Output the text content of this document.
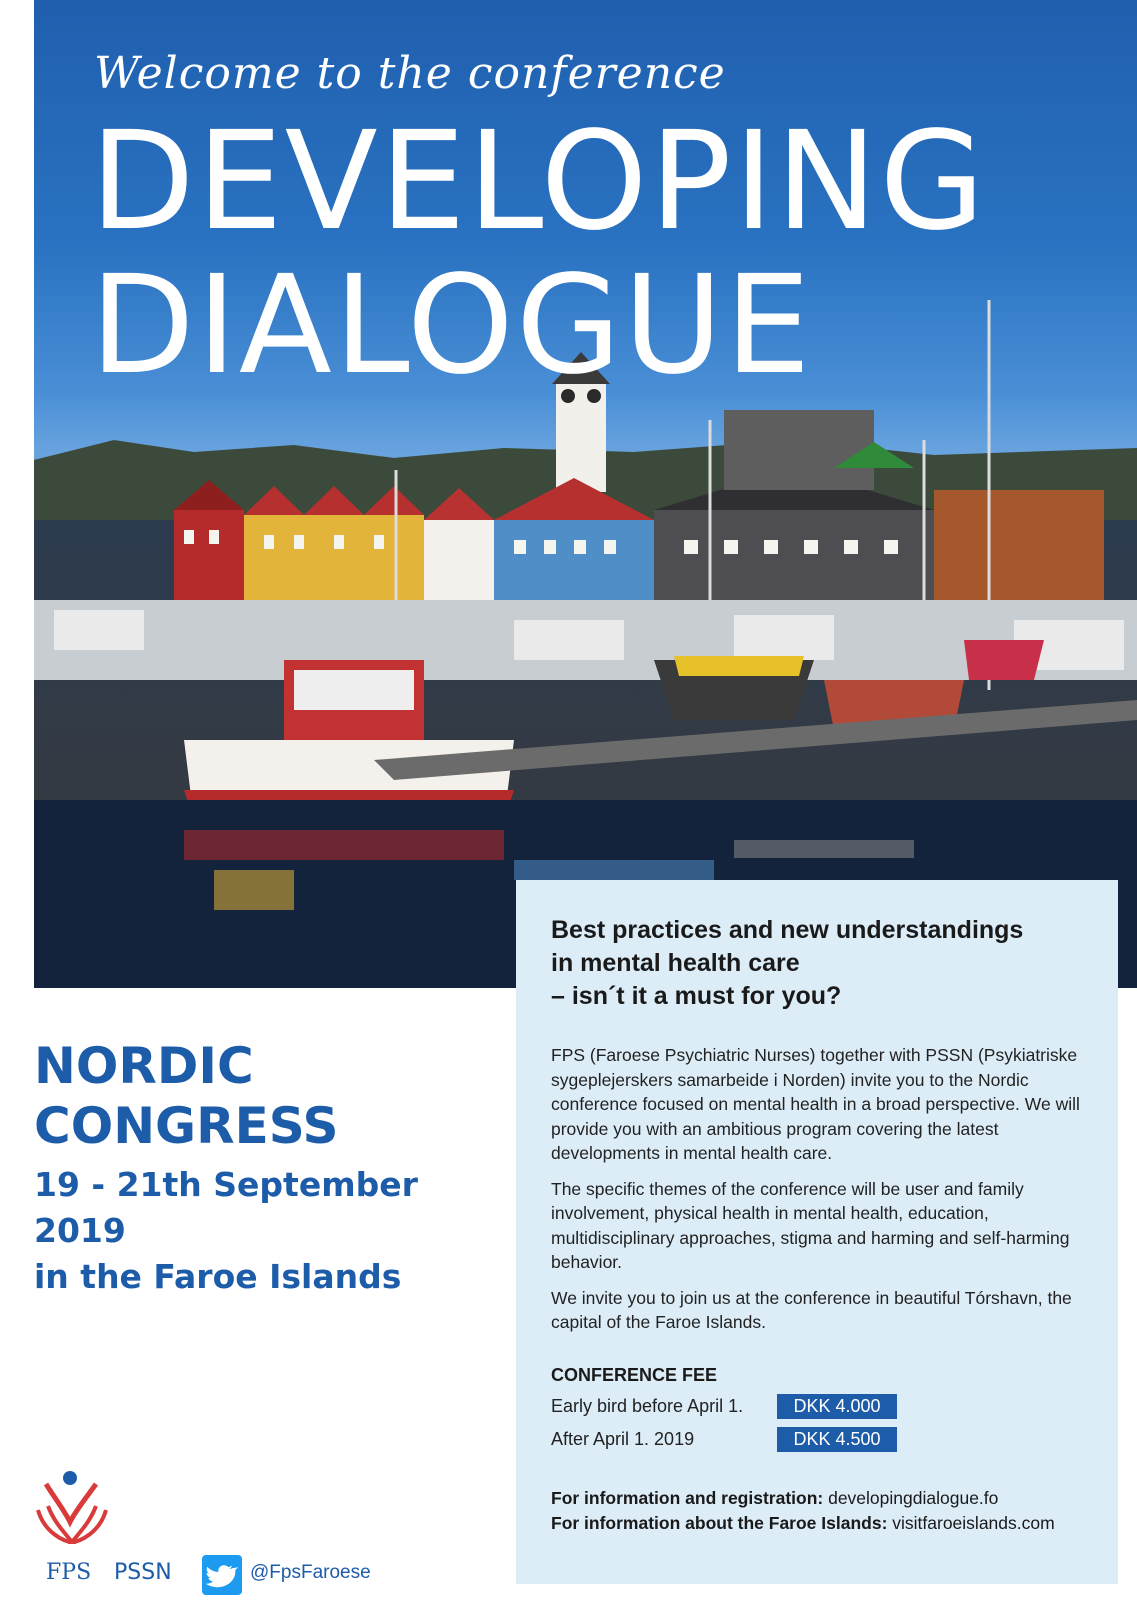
Welcome to the conference
DEVELOPING
DIALOGUE

NORDIC

CONGRESS

19 - 21th September 2019

in the Faroe Islands

Best practices and new understandings
in mental health care
– isn´t it a must for you?

FPS (Faroese Psychiatric Nurses) together with PSSN (Psykiatriske sygeplejerskers samarbeide i Norden) invite you to the Nordic conference focused on mental health in a broad perspective. We will provide you with an ambitious program covering the latest developments in mental health care.

The specific themes of the conference will be user and family involvement, physical health in mental health, education, multidisciplinary approaches, stigma and harming and self-harming behavior.

We invite you to join us at the conference in beautiful Tórshavn, the capital of the Faroe Islands.

CONFERENCE FEE
Early bird before April 1.	DKK 4.000
After April 1. 2019	DKK 4.500
For information and registration: developingdialogue.fo
For information about the Faroe Islands: visitfaroeislands.com
FPS PSSN	@FpsFaroese
